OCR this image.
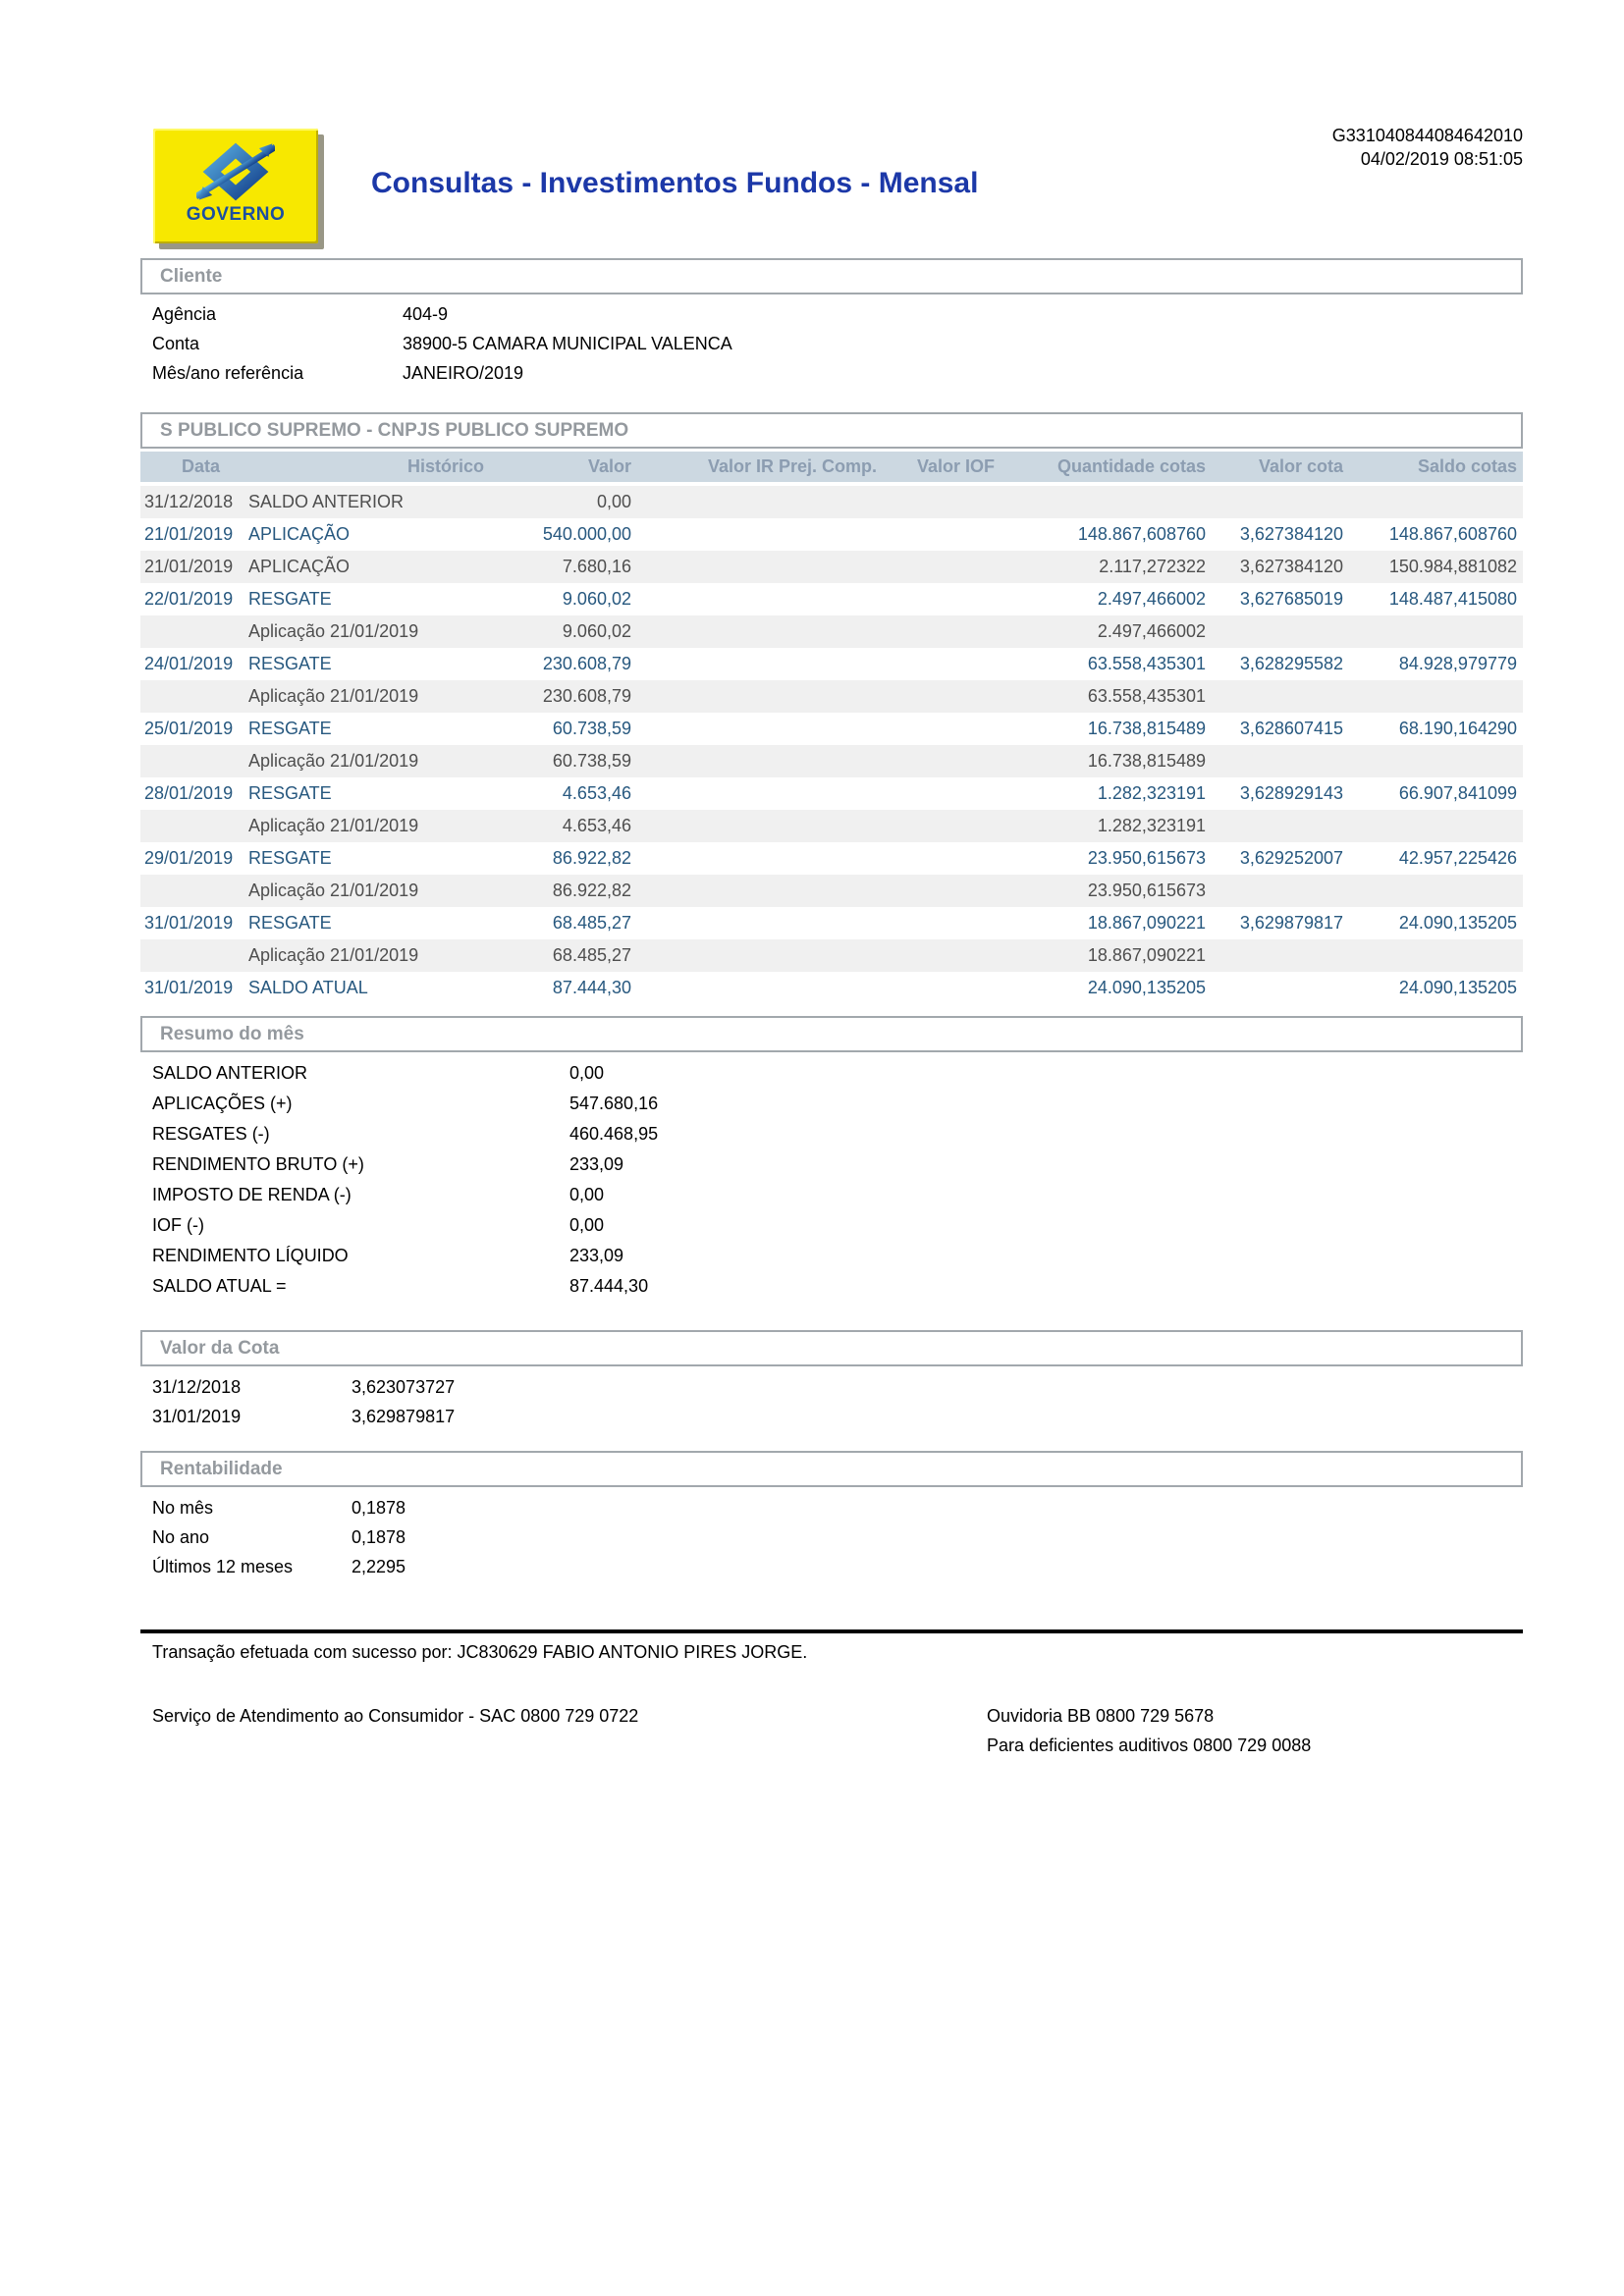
GOVERNO
Consultas - Investimentos Fundos - Mensal
G331040844084642010
04/02/2019 08:51:05
Cliente
Agência	404-9
Conta	38900-5 CAMARA MUNICIPAL VALENCA
Mês/ano referência	JANEIRO/2019
S PUBLICO SUPREMO - CNPJS PUBLICO SUPREMO
Data	Histórico	Valor	Valor IR Prej. Comp.	Valor IOF	Quantidade cotas	Valor cota	Saldo cotas
31/12/2018	SALDO ANTERIOR	0,00					
21/01/2019	APLICAÇÃO	540.000,00			148.867,608760	3,627384120	148.867,608760
21/01/2019	APLICAÇÃO	7.680,16			2.117,272322	3,627384120	150.984,881082
22/01/2019	RESGATE	9.060,02			2.497,466002	3,627685019	148.487,415080
	Aplicação 21/01/2019	9.060,02			2.497,466002		
24/01/2019	RESGATE	230.608,79			63.558,435301	3,628295582	84.928,979779
	Aplicação 21/01/2019	230.608,79			63.558,435301		
25/01/2019	RESGATE	60.738,59			16.738,815489	3,628607415	68.190,164290
	Aplicação 21/01/2019	60.738,59			16.738,815489		
28/01/2019	RESGATE	4.653,46			1.282,323191	3,628929143	66.907,841099
	Aplicação 21/01/2019	4.653,46			1.282,323191		
29/01/2019	RESGATE	86.922,82			23.950,615673	3,629252007	42.957,225426
	Aplicação 21/01/2019	86.922,82			23.950,615673		
31/01/2019	RESGATE	68.485,27			18.867,090221	3,629879817	24.090,135205
	Aplicação 21/01/2019	68.485,27			18.867,090221		
31/01/2019	SALDO ATUAL	87.444,30			24.090,135205		24.090,135205
Resumo do mês
SALDO ANTERIOR	0,00
APLICAÇÕES (+)	547.680,16
RESGATES (-)	460.468,95
RENDIMENTO BRUTO (+)	233,09
IMPOSTO DE RENDA (-)	0,00
IOF (-)	0,00
RENDIMENTO LÍQUIDO	233,09
SALDO ATUAL =	87.444,30
Valor da Cota
31/12/2018	3,623073727
31/01/2019	3,629879817
Rentabilidade
No mês	0,1878
No ano	0,1878
Últimos 12 meses	2,2295
Transação efetuada com sucesso por: JC830629 FABIO ANTONIO PIRES JORGE.
Serviço de Atendimento ao Consumidor - SAC 0800 729 0722	Ouvidoria BB 0800 729 5678
Para deficientes auditivos 0800 729 0088
